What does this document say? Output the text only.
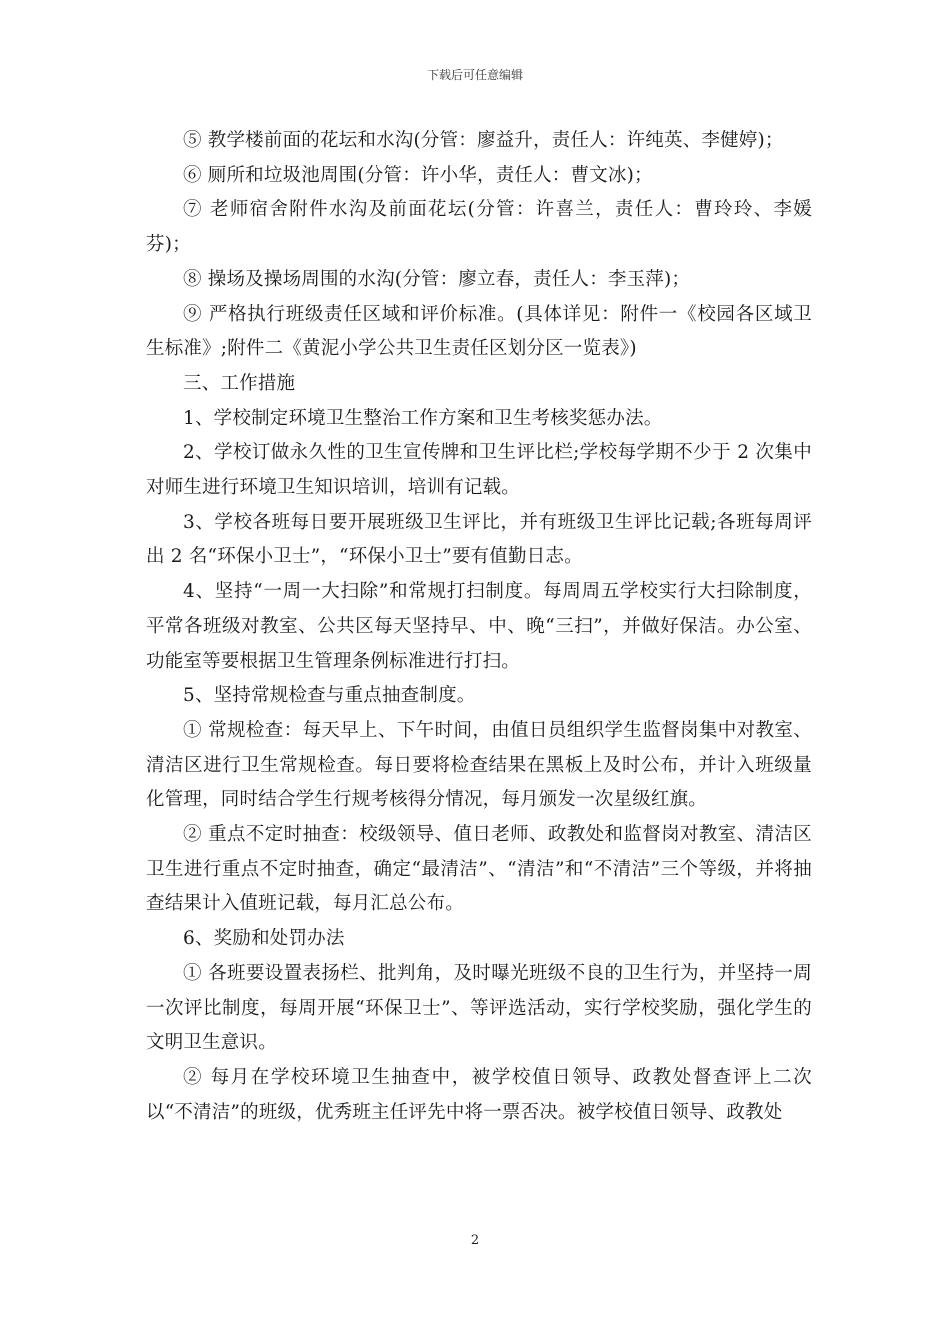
下载后可任意编辑

⑤ 教学楼前面的花坛和水沟(分管：廖益升，责任人：许纯英、李健婷)；

⑥ 厕所和垃圾池周围(分管：许小华，责任人：曹文冰)；

⑦ 老师宿舍附件水沟及前面花坛(分管：许喜兰，责任人：曹玲玲、李媛芬)；

⑧ 操场及操场周围的水沟(分管：廖立春，责任人：李玉萍)；

⑨ 严格执行班级责任区域和评价标准。(具体详见：附件一《校园各区域卫生标准》;附件二《黄泥小学公共卫生责任区划分区一览表》)

三、工作措施

1、学校制定环境卫生整治工作方案和卫生考核奖惩办法。

2、学校订做永久性的卫生宣传牌和卫生评比栏;学校每学期不少于 2 次集中对师生进行环境卫生知识培训，培训有记载。

3、学校各班每日要开展班级卫生评比，并有班级卫生评比记载;各班每周评出 2 名“环保小卫士”，“环保小卫士”要有值勤日志。

4、坚持“一周一大扫除”和常规打扫制度。每周周五学校实行大扫除制度，平常各班级对教室、公共区每天坚持早、中、晚“三扫”，并做好保洁。办公室、功能室等要根据卫生管理条例标准进行打扫。

5、坚持常规检查与重点抽查制度。

① 常规检查：每天早上、下午时间，由值日员组织学生监督岗集中对教室、清洁区进行卫生常规检查。每日要将检查结果在黑板上及时公布，并计入班级量化管理，同时结合学生行规考核得分情况，每月颁发一次星级红旗。

② 重点不定时抽查：校级领导、值日老师、政教处和监督岗对教室、清洁区卫生进行重点不定时抽查，确定“最清洁”、“清洁”和“不清洁”三个等级，并将抽查结果计入值班记载，每月汇总公布。

6、奖励和处罚办法

① 各班要设置表扬栏、批判角，及时曝光班级不良的卫生行为，并坚持一周一次评比制度，每周开展“环保卫士”、等评选活动，实行学校奖励，强化学生的文明卫生意识。

② 每月在学校环境卫生抽查中，被学校值日领导、政教处督查评上二次以“不清洁”的班级，优秀班主任评先中将一票否决。被学校值日领导、政教处

2
